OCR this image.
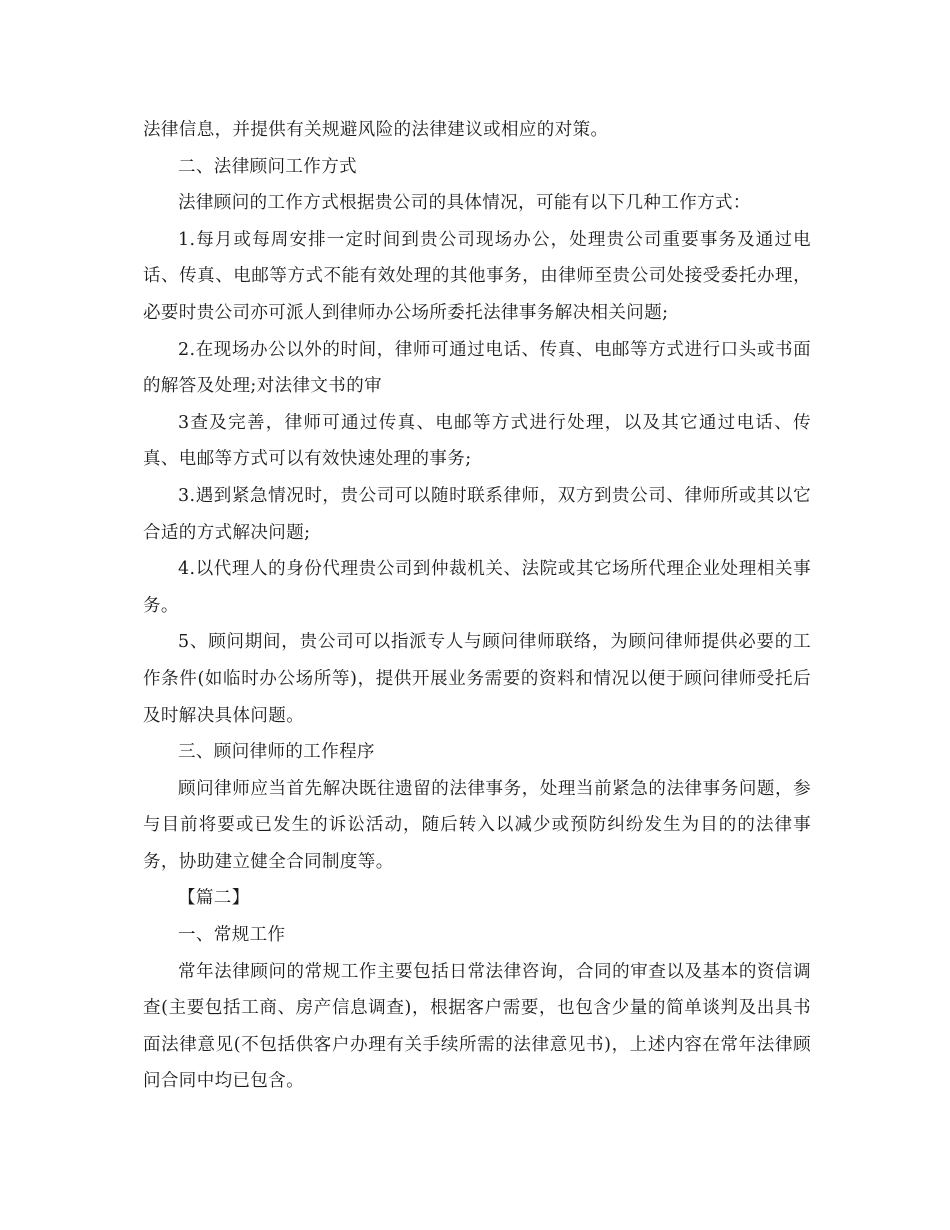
法律信息，并提供有关规避风险的法律建议或相应的对策。

二、法律顾问工作方式

法律顾问的工作方式根据贵公司的具体情况，可能有以下几种工作方式：

1.每月或每周安排一定时间到贵公司现场办公，处理贵公司重要事务及通过电话、传真、电邮等方式不能有效处理的其他事务，由律师至贵公司处接受委托办理，必要时贵公司亦可派人到律师办公场所委托法律事务解决相关问题;

2.在现场办公以外的时间，律师可通过电话、传真、电邮等方式进行口头或书面的解答及处理;对法律文书的审

3查及完善，律师可通过传真、电邮等方式进行处理，以及其它通过电话、传真、电邮等方式可以有效快速处理的事务;

3.遇到紧急情况时，贵公司可以随时联系律师，双方到贵公司、律师所或其以它合适的方式解决问题;

4.以代理人的身份代理贵公司到仲裁机关、法院或其它场所代理企业处理相关事务。

5、顾问期间，贵公司可以指派专人与顾问律师联络，为顾问律师提供必要的工作条件(如临时办公场所等)，提供开展业务需要的资料和情况以便于顾问律师受托后及时解决具体问题。

三、顾问律师的工作程序

顾问律师应当首先解决既往遗留的法律事务，处理当前紧急的法律事务问题，参与目前将要或已发生的诉讼活动，随后转入以减少或预防纠纷发生为目的的法律事务，协助建立健全合同制度等。

【篇二】

一、常规工作

常年法律顾问的常规工作主要包括日常法律咨询，合同的审查以及基本的资信调查(主要包括工商、房产信息调查)，根据客户需要，也包含少量的简单谈判及出具书面法律意见(不包括供客户办理有关手续所需的法律意见书)，上述内容在常年法律顾问合同中均已包含。
